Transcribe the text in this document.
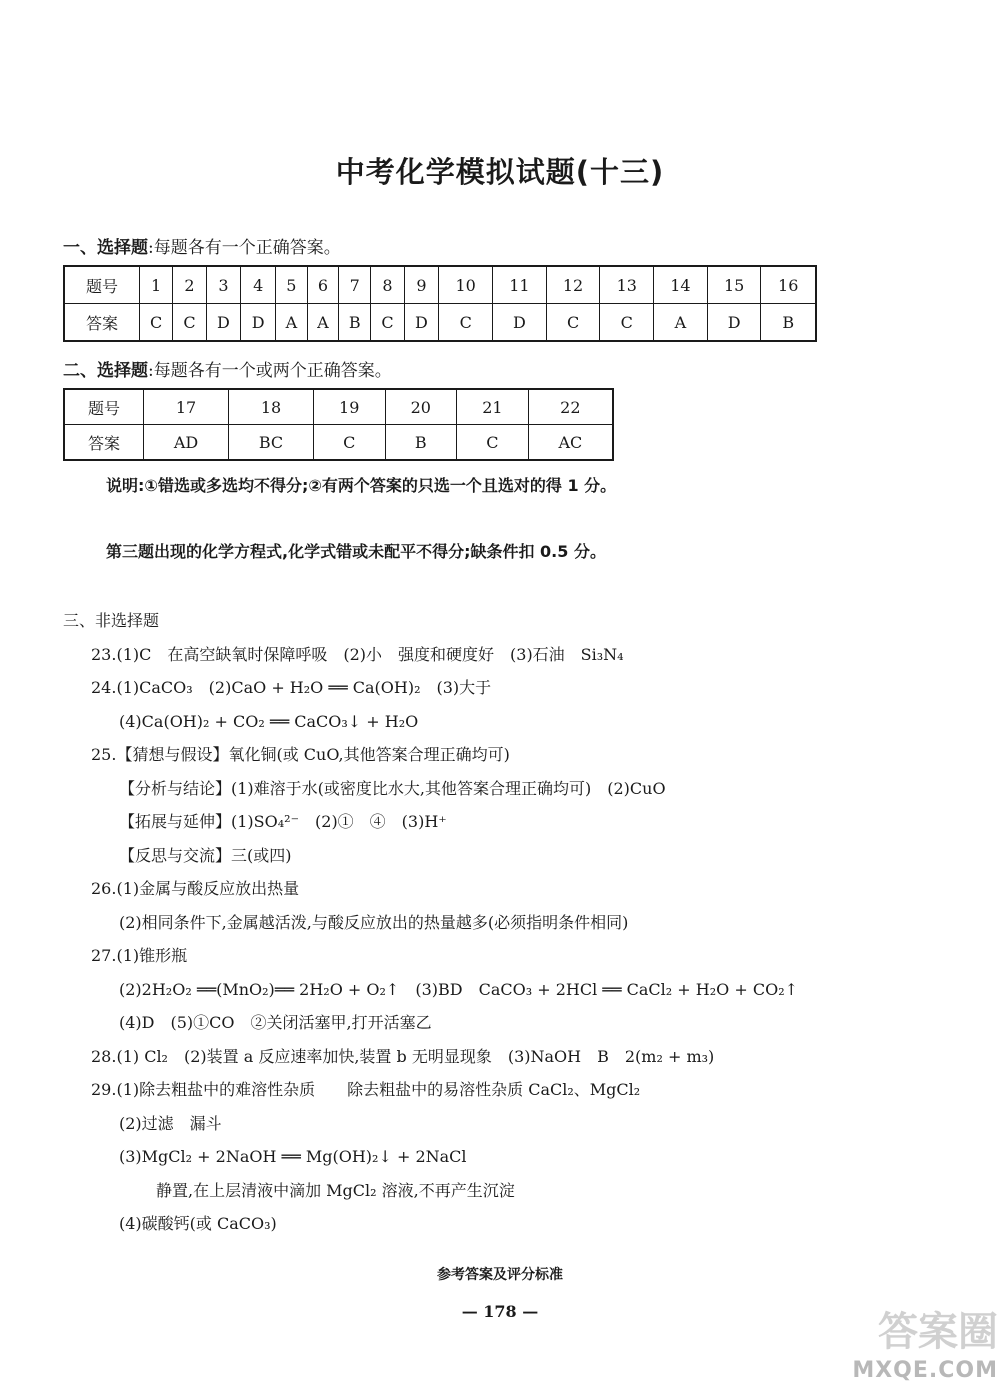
中考化学模拟试题(十三)
一、选择题:每题各有一个正确答案。
题号	1	2	3	4	5	6	7	8	9	10	11	12	13	14	15	16
答案	C	C	D	D	A	A	B	C	D	C	D	C	C	A	D	B
二、选择题:每题各有一个或两个正确答案。
题号	17	18	19	20	21	22
答案	AD	BC	C	B	C	AC
说明:①错选或多选均不得分;②有两个答案的只选一个且选对的得 1 分。
第三题出现的化学方程式,化学式错或未配平不得分;缺条件扣 0.5 分。
三、非选择题
23.(1)C　在高空缺氧时保障呼吸　(2)小　强度和硬度好　(3)石油　Si₃N₄
24.(1)CaCO₃　(2)CaO + H₂O ══ Ca(OH)₂　(3)大于
(4)Ca(OH)₂ + CO₂ ══ CaCO₃↓ + H₂O
25.【猜想与假设】氧化铜(或 CuO,其他答案合理正确均可)
【分析与结论】(1)难溶于水(或密度比水大,其他答案合理正确均可)　(2)CuO
【拓展与延伸】(1)SO₄²⁻　(2)①　④　(3)H⁺
【反思与交流】三(或四)
26.(1)金属与酸反应放出热量
(2)相同条件下,金属越活泼,与酸反应放出的热量越多(必须指明条件相同)
27.(1)锥形瓶
(2)2H₂O₂ ══(MnO₂)══ 2H₂O + O₂↑　(3)BD　CaCO₃ + 2HCl ══ CaCl₂ + H₂O + CO₂↑
(4)D　(5)①CO　②关闭活塞甲,打开活塞乙
28.(1) Cl₂　(2)装置 a 反应速率加快,装置 b 无明显现象　(3)NaOH　B　2(m₂ + m₃)
29.(1)除去粗盐中的难溶性杂质　　除去粗盐中的易溶性杂质 CaCl₂、MgCl₂
(2)过滤　漏斗
(3)MgCl₂ + 2NaOH ══ Mg(OH)₂↓ + 2NaCl
静置,在上层清液中滴加 MgCl₂ 溶液,不再产生沉淀
(4)碳酸钙(或 CaCO₃)
参考答案及评分标准
— 178 —	答案圈
MXQE.COM
